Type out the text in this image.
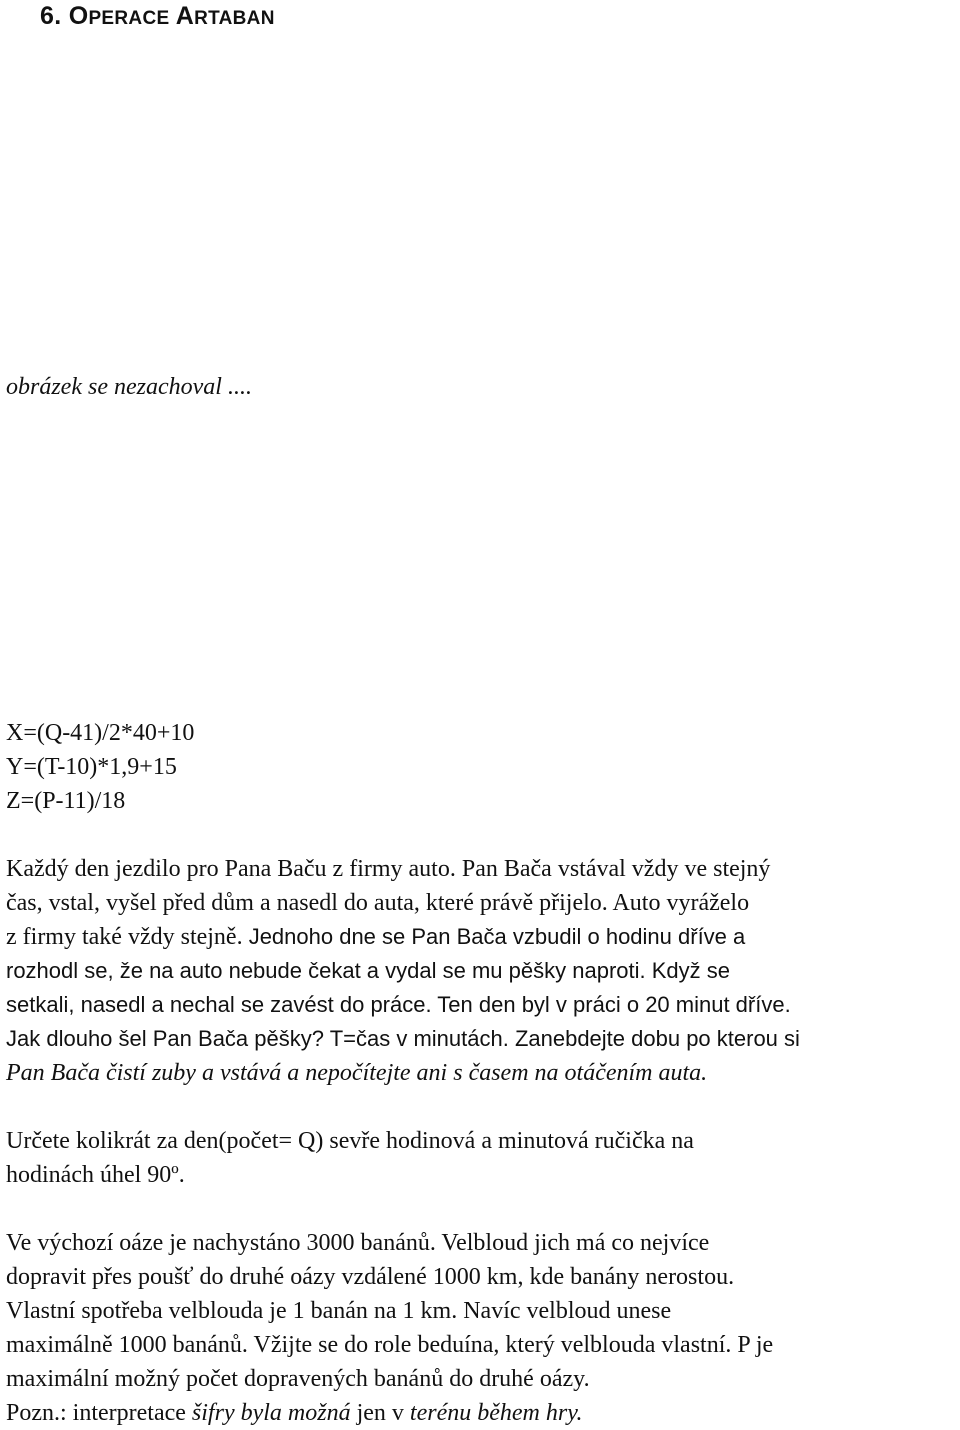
6. OPERACE ARTABAN
obrázek se nezachoval ....
X=(Q-41)/2*40+10
Y=(T-10)*1,9+15
Z=(P-11)/18
Každý den jezdilo pro Pana Baču z firmy auto. Pan Bača vstával vždy ve stejný
čas, vstal, vyšel před dům a nasedl do auta, které právě přijelo. Auto vyráželo
z firmy také vždy stejně. Jednoho dne se Pan Bača vzbudil o hodinu dříve a
rozhodl se, že na auto nebude čekat a vydal se mu pěšky naproti. Když se
setkali, nasedl a nechal se zavést do práce. Ten den byl v práci o 20 minut dříve.
Jak dlouho šel Pan Bača pěšky? T=čas v minutách. Zanebdejte dobu po kterou si
Pan Bača čistí zuby a vstává a nepočítejte ani s časem na otáčením auta.
Určete kolikrát za den(počet= Q) sevře hodinová a minutová ručička na
hodinách úhel 90º.
Ve výchozí oáze je nachystáno 3000 banánů. Velbloud jich má co nejvíce
dopravit přes poušť do druhé oázy vzdálené 1000 km, kde banány nerostou.
Vlastní spotřeba velblouda je 1 banán na 1 km. Navíc velbloud unese
maximálně 1000 banánů. Vžijte se do role beduína, který velblouda vlastní. P je
maximální možný počet dopravených banánů do druhé oázy.
Pozn.: interpretace šifry byla možná jen v terénu během hry.
